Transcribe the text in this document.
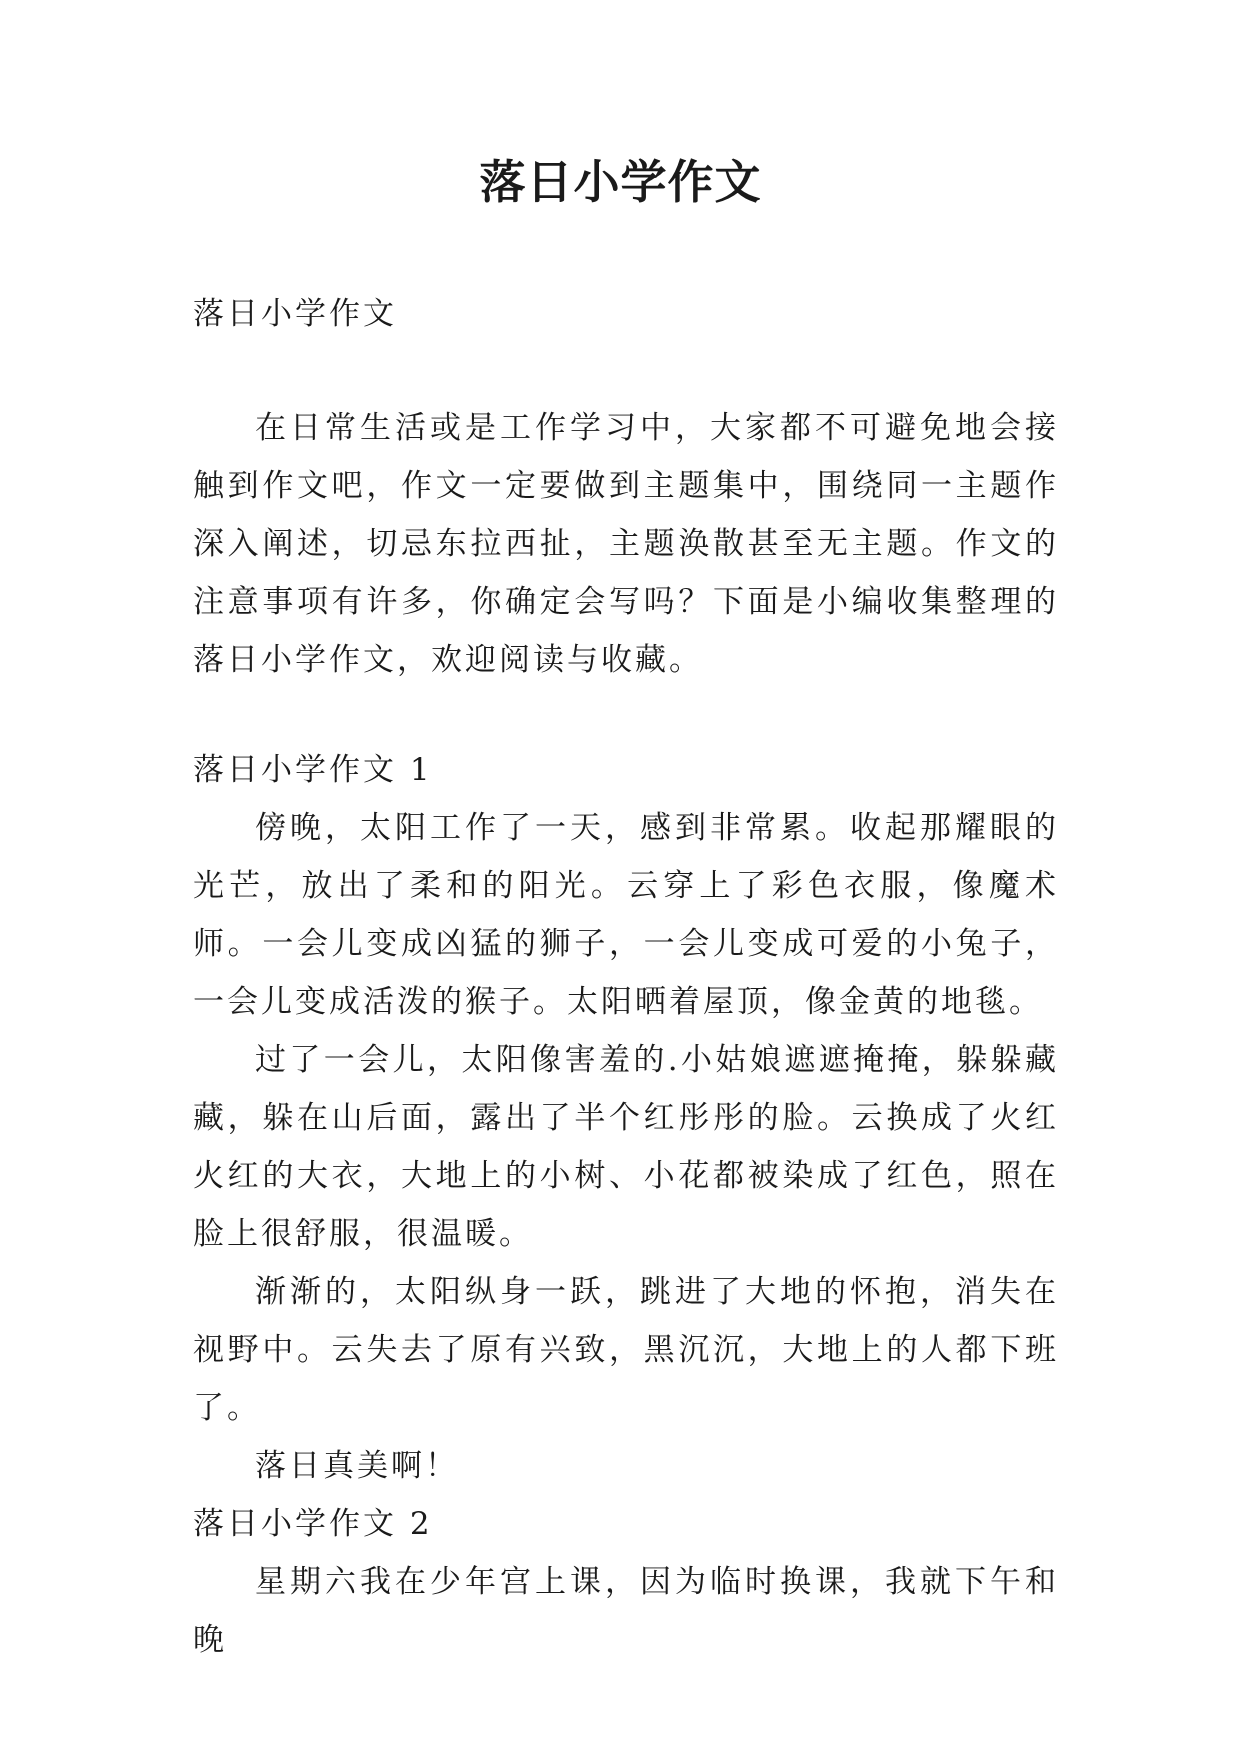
落日小学作文

落日小学作文

在日常生活或是工作学习中，大家都不可避免地会接触到作文吧，作文一定要做到主题集中，围绕同一主题作深入阐述，切忌东拉西扯，主题涣散甚至无主题。作文的注意事项有许多，你确定会写吗？下面是小编收集整理的落日小学作文，欢迎阅读与收藏。

落日小学作文 1

傍晚，太阳工作了一天，感到非常累。收起那耀眼的光芒，放出了柔和的阳光。云穿上了彩色衣服，像魔术师。一会儿变成凶猛的狮子，一会儿变成可爱的小兔子，一会儿变成活泼的猴子。太阳晒着屋顶，像金黄的地毯。

过了一会儿，太阳像害羞的.小姑娘遮遮掩掩，躲躲藏藏，躲在山后面，露出了半个红彤彤的脸。云换成了火红火红的大衣，大地上的小树、小花都被染成了红色，照在脸上很舒服，很温暖。

渐渐的，太阳纵身一跃，跳进了大地的怀抱，消失在视野中。云失去了原有兴致，黑沉沉，大地上的人都下班了。

落日真美啊！

落日小学作文 2

星期六我在少年宫上课，因为临时换课，我就下午和晚
